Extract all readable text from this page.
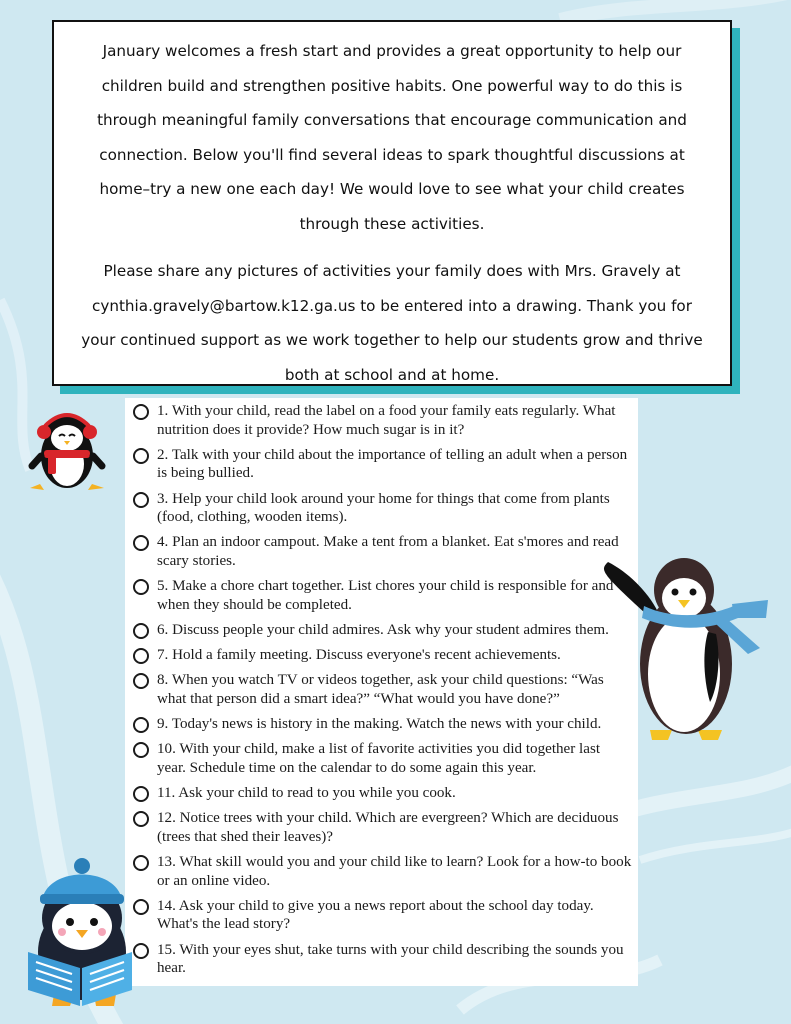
January welcomes a fresh start and provides a great opportunity to help our children build and strengthen positive habits. One powerful way to do this is through meaningful family conversations that encourage communication and connection. Below you'll find several ideas to spark thoughtful discussions at home–try a new one each day! We would love to see what your child creates through these activities.

Please share any pictures of activities your family does with Mrs. Gravely at cynthia.gravely@bartow.k12.ga.us to be entered into a drawing. Thank you for your continued support as we work together to help our students grow and thrive both at school and at home.

1. With your child, read the label on a food your family eats regularly. What nutrition does it provide? How much sugar is in it?
2. Talk with your child about the importance of telling an adult when a person is being bullied.
3. Help your child look around your home for things that come from plants (food, clothing, wooden items).
4. Plan an indoor campout. Make a tent from a blanket. Eat s'mores and read scary stories.
5. Make a chore chart together. List chores your child is responsible for and when they should be completed.
6. Discuss people your child admires. Ask why your student admires them.
7. Hold a family meeting. Discuss everyone's recent achievements.
8. When you watch TV or videos together, ask your child questions: “Was what that person did a smart idea?” “What would you have done?”
9. Today's news is history in the making. Watch the news with your child.
10. With your child, make a list of favorite activities you did together last year. Schedule time on the calendar to do some again this year.
11. Ask your child to read to you while you cook.
12. Notice trees with your child. Which are evergreen? Which are deciduous (trees that shed their leaves)?
13. What skill would you and your child like to learn? Look for a how-to book or an online video.
14. Ask your child to give you a news report about the school day today. What's the lead story?
15. With your eyes shut, take turns with your child describing the sounds you hear.
